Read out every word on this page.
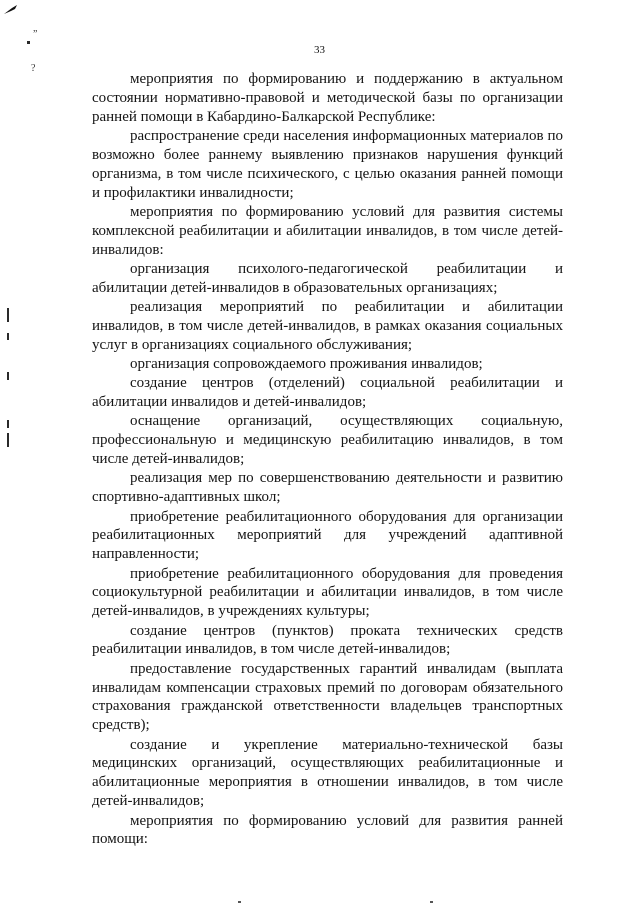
”
?
33

мероприятия по формированию и поддержанию в актуальном состоянии нормативно-правовой и методической базы по организации ранней помощи в Кабардино-Балкарской Республике:

распространение среди населения информационных материалов по возможно более раннему выявлению признаков нарушения функций организма, в том числе психического, с целью оказания ранней помощи и профилактики инвалидности;

мероприятия по формированию условий для развития системы комплексной реабилитации и абилитации инвалидов, в том числе детей-инвалидов:

организация психолого-педагогической реабилитации и абилитации детей-инвалидов в образовательных организациях;

реализация мероприятий по реабилитации и абилитации инвалидов, в том числе детей-инвалидов, в рамках оказания социальных услуг в организациях социального обслуживания;

организация сопровождаемого проживания инвалидов;

создание центров (отделений) социальной реабилитации и абилитации инвалидов и детей-инвалидов;

оснащение организаций, осуществляющих социальную, профессиональную и медицинскую реабилитацию инвалидов, в том числе детей-инвалидов;

реализация мер по совершенствованию деятельности и развитию спортивно-адаптивных школ;

приобретение реабилитационного оборудования для организации реабилитационных мероприятий для учреждений адаптивной направленности;

приобретение реабилитационного оборудования для проведения социокультурной реабилитации и абилитации инвалидов, в том числе детей-инвалидов, в учреждениях культуры;

создание центров (пунктов) проката технических средств реабилитации инвалидов, в том числе детей-инвалидов;

предоставление государственных гарантий инвалидам (выплата инвалидам компенсации страховых премий по договорам обязательного страхования гражданской ответственности владельцев транспортных средств);

создание и укрепление материально-технической базы медицинских организаций, осуществляющих реабилитационные и абилитационные мероприятия в отношении инвалидов, в том числе детей-инвалидов;

мероприятия по формированию условий для развития ранней помощи:
